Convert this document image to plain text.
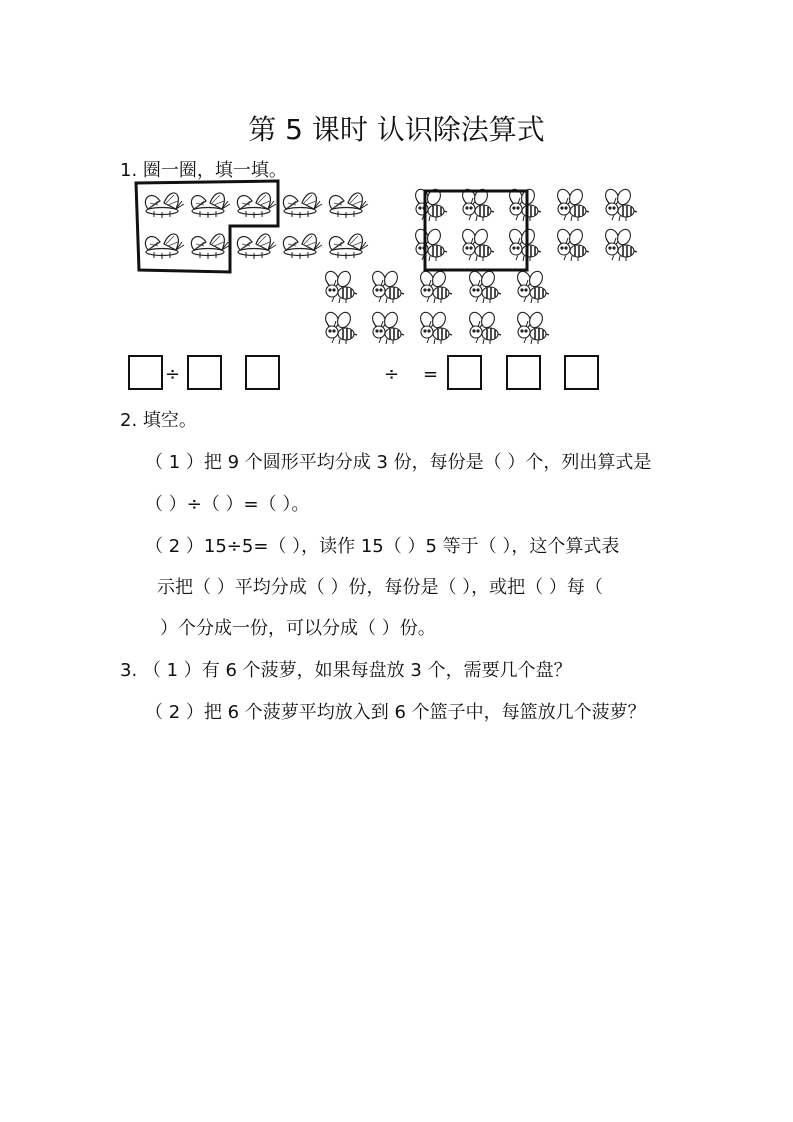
第 5 课时 认识除法算式
1. 圈一圈，填一填。
÷	÷ =
2. 填空。
（ 1 ）把 9 个圆形平均分成 3 份，每份是（ ）个，列出算式是
（ ）÷（ ）=（ ）。
（ 2 ）15÷5=（ ），读作 15（ ）5 等于（ ），这个算式表
示把（ ）平均分成（ ）份，每份是（ ），或把（ ）每（
）个分成一份，可以分成（ ）份。
3. （ 1 ）有 6 个菠萝，如果每盘放 3 个，需要几个盘？
（ 2 ）把 6 个菠萝平均放入到 6 个篮子中，每篮放几个菠萝？
